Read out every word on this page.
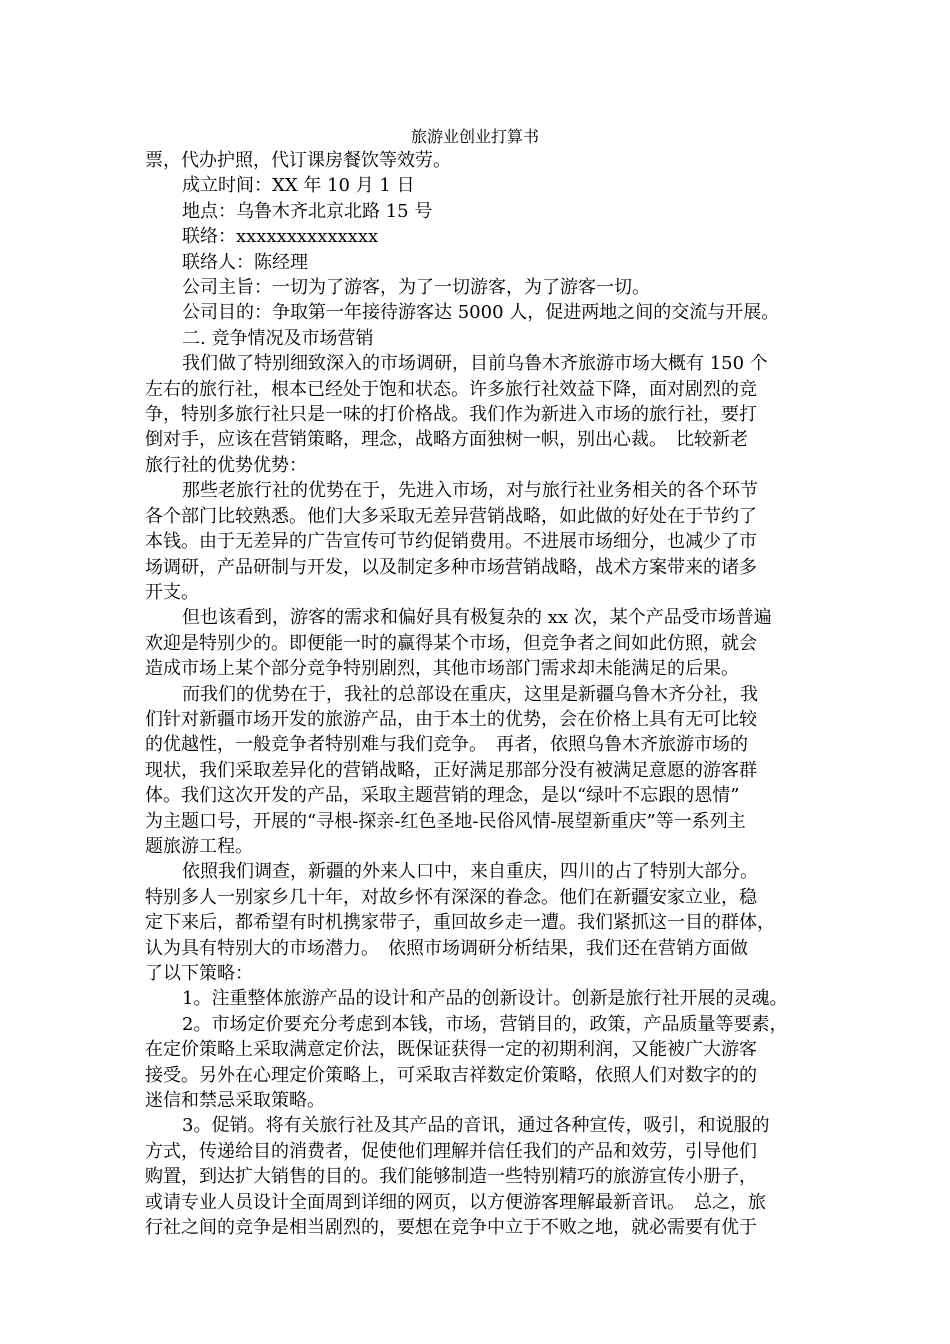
旅游业创业打算书
票，代办护照，代订课房餐饮等效劳。
成立时间：XX 年 10 月 1 日
地点：乌鲁木齐北京北路 15 号
联络：xxxxxxxxxxxxxx
联络人：陈经理
公司主旨：一切为了游客，为了一切游客，为了游客一切。
公司目的：争取第一年接待游客达 5000 人，促进两地之间的交流与开展。
二. 竞争情况及市场营销
我们做了特别细致深入的市场调研，目前乌鲁木齐旅游市场大概有 150 个
左右的旅行社，根本已经处于饱和状态。许多旅行社效益下降，面对剧烈的竞
争，特别多旅行社只是一味的打价格战。我们作为新进入市场的旅行社，要打
倒对手，应该在营销策略，理念，战略方面独树一帜，别出心裁。　比较新老
旅行社的优势优势：
那些老旅行社的优势在于，先进入市场，对与旅行社业务相关的各个环节
各个部门比较熟悉。他们大多采取无差异营销战略，如此做的好处在于节约了
本钱。由于无差异的广告宣传可节约促销费用。不进展市场细分，也减少了市
场调研，产品研制与开发，以及制定多种市场营销战略，战术方案带来的诸多
开支。
但也该看到，游客的需求和偏好具有极复杂的 xx 次，某个产品受市场普遍
欢迎是特别少的。即便能一时的赢得某个市场，但竞争者之间如此仿照，就会
造成市场上某个部分竞争特别剧烈，其他市场部门需求却未能满足的后果。
而我们的优势在于，我社的总部设在重庆，这里是新疆乌鲁木齐分社，我
们针对新疆市场开发的旅游产品，由于本土的优势，会在价格上具有无可比较
的优越性，一般竞争者特别难与我们竞争。　再者，依照乌鲁木齐旅游市场的
现状，我们采取差异化的营销战略，正好满足那部分没有被满足意愿的游客群
体。我们这次开发的产品，采取主题营销的理念，是以“绿叶不忘跟的恩情”
为主题口号，开展的“寻根-探亲-红色圣地-民俗风情-展望新重庆”等一系列主
题旅游工程。
依照我们调查，新疆的外来人口中，来自重庆，四川的占了特别大部分。
特别多人一别家乡几十年，对故乡怀有深深的眷念。他们在新疆安家立业，稳
定下来后，都希望有时机携家带子，重回故乡走一遭。我们紧抓这一目的群体，
认为具有特别大的市场潜力。　依照市场调研分析结果，我们还在营销方面做
了以下策略：
1。注重整体旅游产品的设计和产品的创新设计。创新是旅行社开展的灵魂。
2。市场定价要充分考虑到本钱，市场，营销目的，政策，产品质量等要素，
在定价策略上采取满意定价法，既保证获得一定的初期利润，又能被广大游客
接受。另外在心理定价策略上，可采取吉祥数定价策略，依照人们对数字的的
迷信和禁忌采取策略。
3。促销。将有关旅行社及其产品的音讯，通过各种宣传，吸引，和说服的
方式，传递给目的消费者，促使他们理解并信任我们的产品和效劳，引导他们
购置，到达扩大销售的目的。我们能够制造一些特别精巧的旅游宣传小册子，
或请专业人员设计全面周到详细的网页，以方便游客理解最新音讯。　总之，旅
行社之间的竞争是相当剧烈的，要想在竞争中立于不败之地，就必需要有优于
